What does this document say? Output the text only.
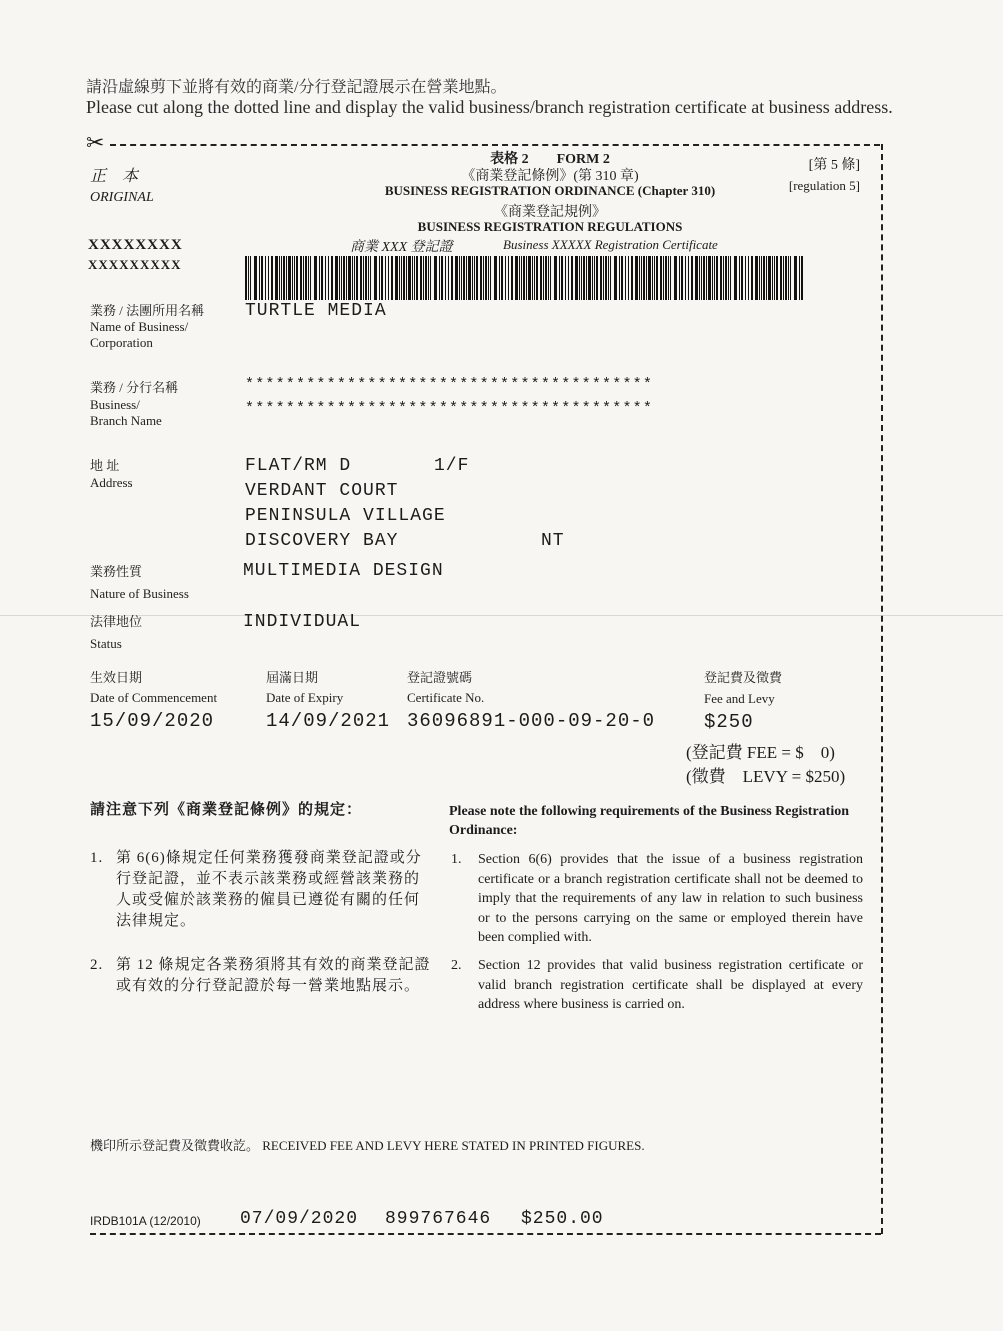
請沿虛線剪下並將有效的商業/分行登記證展示在營業地點。
Please cut along the dotted line and display the valid business/branch registration certificate at business address.
✂
正　本
ORIGINAL
XXXXXXXX
XXXXXXXXX
表格 2　　FORM 2
《商業登記條例》(第 310 章)
BUSINESS REGISTRATION ORDINANCE (Chapter 310)
《商業登記規例》
BUSINESS REGISTRATION REGULATIONS
商業 XXX 登記證	Business XXXXX Registration Certificate
[第 5 條]
[regulation 5]
業務 / 法團所用名稱
Name of Business/
Corporation
TURTLE MEDIA
業務 / 分行名稱
Business/
Branch Name
****************************************
****************************************
地 址
Address
FLAT/RM D	1/F
VERDANT COURT
PENINSULA VILLAGE
DISCOVERY BAY	NT
業務性質
Nature of Business
MULTIMEDIA DESIGN
法律地位
Status
INDIVIDUAL
生效日期
Date of Commencement
15/09/2020
屆滿日期
Date of Expiry
14/09/2021
登記證號碼
Certificate No.
36096891-000-09-20-0
登記費及徵費
Fee and Levy
$250
(登記費 FEE = $　0)
(徵費　LEVY = $250)
請注意下列《商業登記條例》的規定：	Please note the following requirements of the Business Registration Ordinance:
1. 第 6(6)條規定任何業務獲發商業登記證或分行登記證，並不表示該業務或經營該業務的人或受僱於該業務的僱員已遵從有關的任何法律規定。
2. 第 12 條規定各業務須將其有效的商業登記證或有效的分行登記證於每一營業地點展示。
1. Section 6(6) provides that the issue of a business registration certificate or a branch registration certificate shall not be deemed to imply that the requirements of any law in relation to such business or to the persons carrying on the same or employed therein have been complied with.
2. Section 12 provides that valid business registration certificate or valid branch registration certificate shall be displayed at every address where business is carried on.
機印所示登記費及徵費收訖。 RECEIVED FEE AND LEVY HERE STATED IN PRINTED FIGURES.
IRDB101A (12/2010) 07/09/2020 899767646 $250.00
